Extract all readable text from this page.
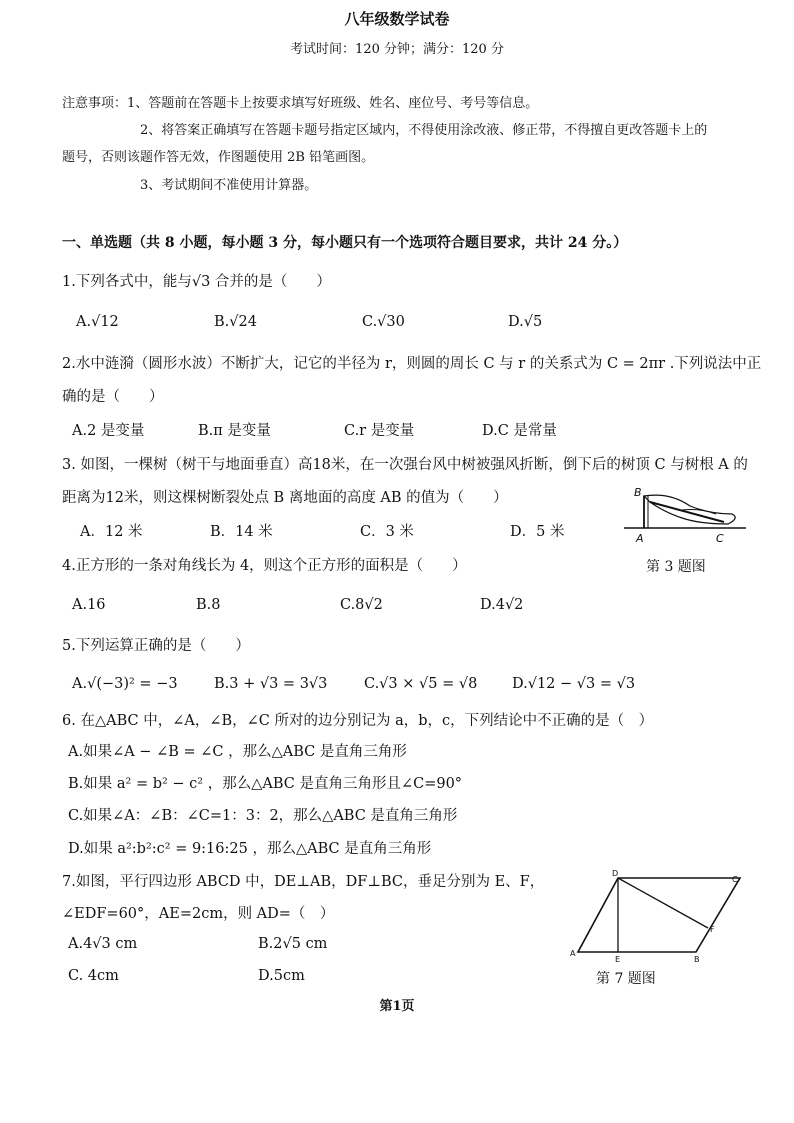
八年级数学试卷
考试时间：120 分钟；满分：120 分
注意事项：1、答题前在答题卡上按要求填写好班级、姓名、座位号、考号等信息。
2、将答案正确填写在答题卡题号指定区域内，不得使用涂改液、修正带，不得擅自更改答题卡上的
题号，否则该题作答无效，作图题使用 2B 铅笔画图。
3、考试期间不准使用计算器。
一、单选题（共 8 小题，每小题 3 分，每小题只有一个选项符合题目要求，共计 24 分。）
1.下列各式中，能与√3 合并的是（　　）
A.√12	B.√24	C.√30	D.√5
2.水中涟漪（圆形水波）不断扩大，记它的半径为 r，则圆的周长 C 与 r 的关系式为 C = 2πr .下列说法中正
确的是（　　）
A.2 是变量	B.π 是变量	C.r 是变量	D.C 是常量
3. 如图，一棵树（树干与地面垂直）高18米，在一次强台风中树被强风折断，倒下后的树顶 C 与树根 A 的
距离为12米，则这棵树断裂处点 B 离地面的高度 AB 的值为（　　）
A．12 米	B．14 米	C．3 米	D．5 米
B
A	C
第 3 题图
4.正方形的一条对角线长为 4，则这个正方形的面积是（　　）
A.16	B.8	C.8√2	D.4√2
5.下列运算正确的是（　　）
A.√(−3)² = −3	B.3 + √3 = 3√3	C.√3 × √5 = √8 D.√12 − √3 = √3
6. 在△ABC 中，∠A，∠B，∠C 所对的边分别记为 a，b，c，下列结论中不正确的是（　）
A.如果∠A − ∠B = ∠C ，那么△ABC 是直角三角形
B.如果 a² = b² − c² ，那么△ABC 是直角三角形且∠C=90°
C.如果∠A：∠B：∠C=1：3：2，那么△ABC 是直角三角形
D.如果 a²:b²:c² = 9:16:25 ，那么△ABC 是直角三角形
7.如图，平行四边形 ABCD 中，DE⊥AB，DF⊥BC，垂足分别为 E、F，
∠EDF=60°，AE=2cm，则 AD=（　）
A.4√3 cm	B.2√5 cm
C. 4cm	D.5cm
D
C
A
E	B
F
第 7 题图
第1页
